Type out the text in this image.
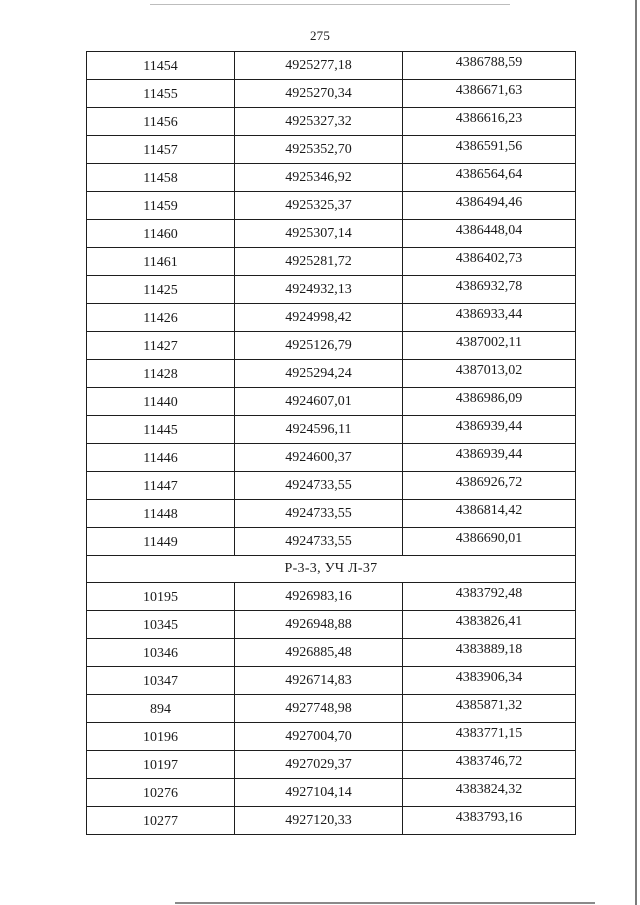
275
11454	4925277,18	4386788,59
11455	4925270,34	4386671,63
11456	4925327,32	4386616,23
11457	4925352,70	4386591,56
11458	4925346,92	4386564,64
11459	4925325,37	4386494,46
11460	4925307,14	4386448,04
11461	4925281,72	4386402,73
11425	4924932,13	4386932,78
11426	4924998,42	4386933,44
11427	4925126,79	4387002,11
11428	4925294,24	4387013,02
11440	4924607,01	4386986,09
11445	4924596,11	4386939,44
11446	4924600,37	4386939,44
11447	4924733,55	4386926,72
11448	4924733,55	4386814,42
11449	4924733,55	4386690,01
Р-3-3, УЧ Л-37		
10195	4926983,16	4383792,48
10345	4926948,88	4383826,41
10346	4926885,48	4383889,18
10347	4926714,83	4383906,34
894	4927748,98	4385871,32
10196	4927004,70	4383771,15
10197	4927029,37	4383746,72
10276	4927104,14	4383824,32
10277	4927120,33	4383793,16
